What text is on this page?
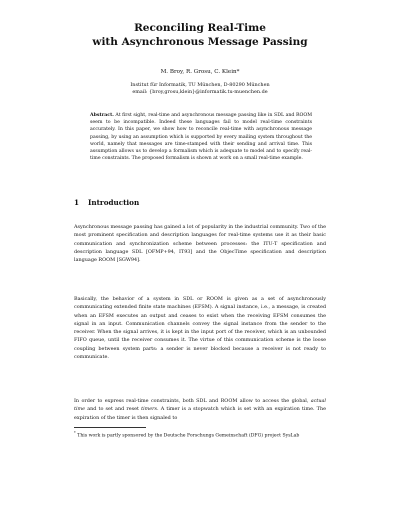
Reconciling Real-Time
with Asynchronous Message Passing
M. Broy, R. Grosu, C. Klein*
Institut für Informatik, TU München, D-80290 München
email: {broy,grosu,klein}@informatik.tu-muenchen.de
Abstract. At first sight, real-time and asynchronous message passing like in SDL and ROOM seem to be incompatible. Indeed these languages fail to model real-time constraints accurately. In this paper, we show how to reconcile real-time with asynchronous message passing, by using an assumption which is supported by every mailing system throughout the world, namely that messages are time-stamped with their sending and arrival time. This assumption allows us to develop a formalism which is adequate to model and to specify real-time constraints. The proposed formalism is shown at work on a small real-time example.
1 Introduction
Asynchronous message passing has gained a lot of popularity in the industrial community. Two of the most prominent specification and description languages for real-time systems use it as their basic communication and synchronization scheme between processes: the ITU-T specification and description language SDL [OFMP+94, IT93] and the ObjecTime specification and description language ROOM [SGW94].
Basically, the behavior of a system in SDL or ROOM is given as a set of asynchronously communicating extended finite state machines (EFSM). A signal instance, i.e., a message, is created when an EFSM executes an output and ceases to exist when the receiving EFSM consumes the signal in an input. Communication channels convey the signal instance from the sender to the receiver. When the signal arrives, it is kept in the input port of the receiver, which is an unbounded FIFO queue, until the receiver consumes it. The virtue of this communication scheme is the loose coupling between system parts: a sender is never blocked because a receiver is not ready to communicate.
In order to express real-time constraints, both SDL and ROOM allow to access the global, actual time and to set and reset timers. A timer is a stopwatch which is set with an expiration time. The expiration of the timer is then signaled to
* This work is partly sponsored by the Deutsche Forschungs Gemeinschaft (DFG) project SysLab
